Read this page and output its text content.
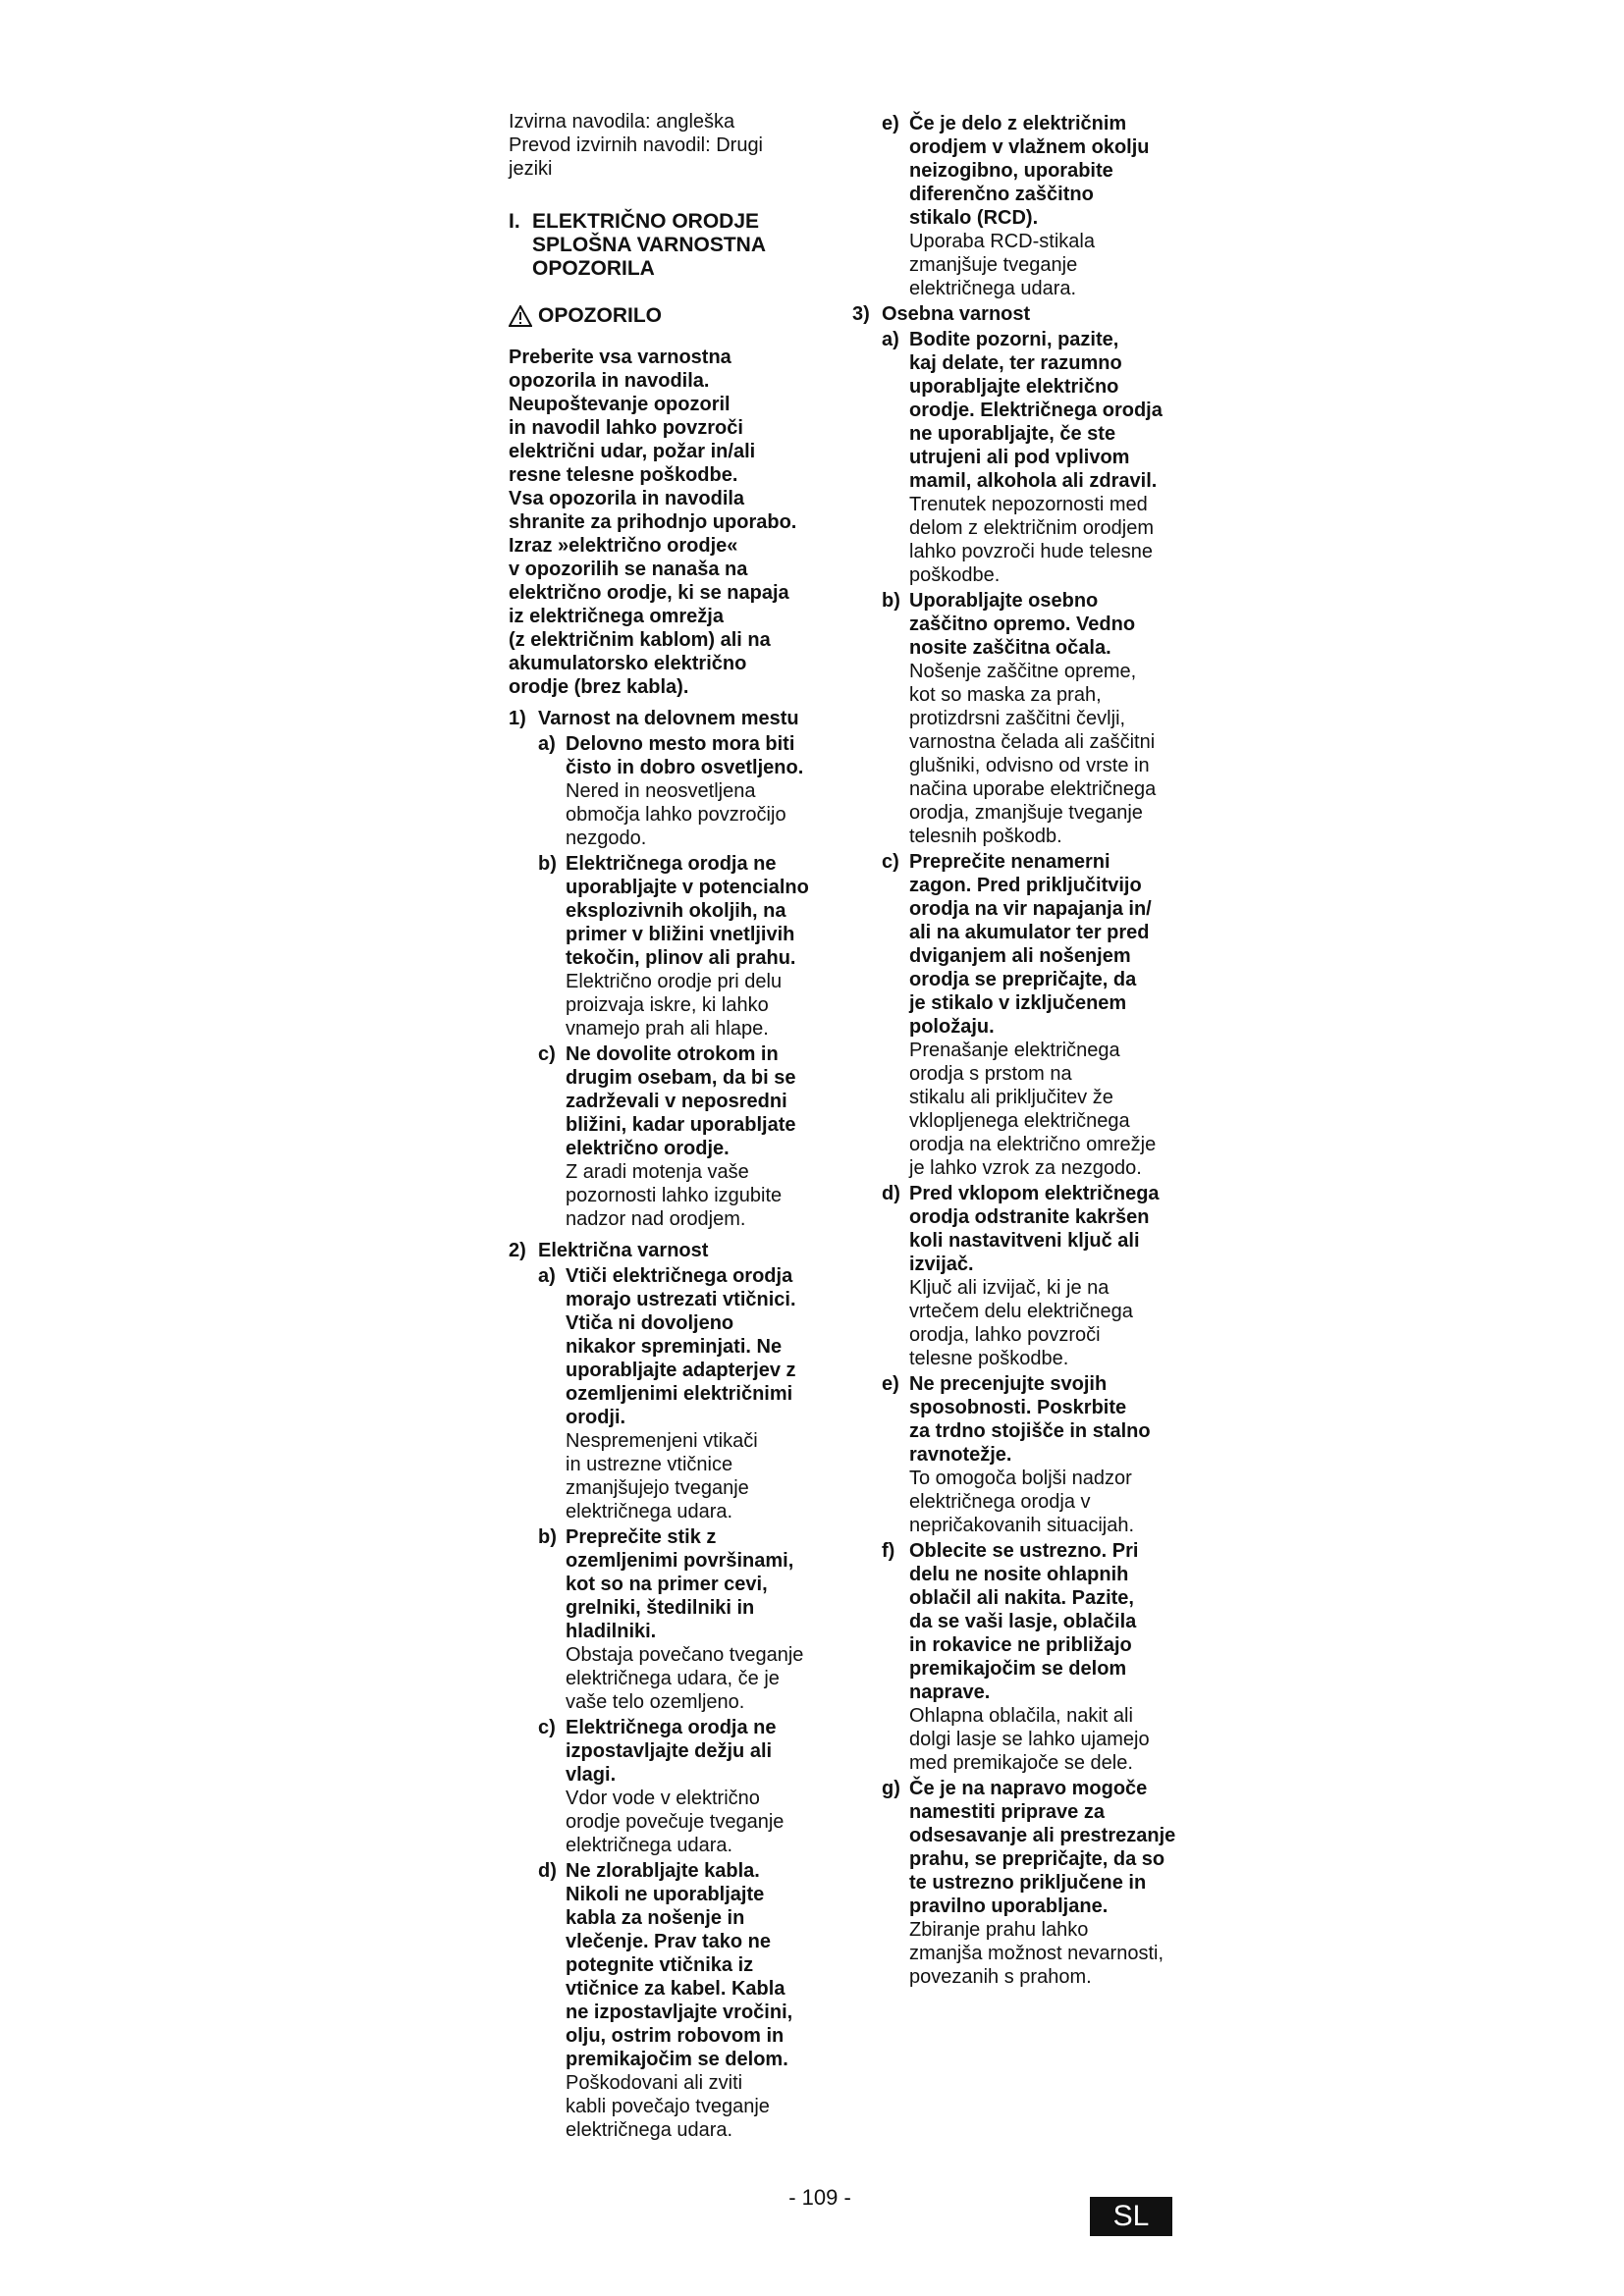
Izvirna navodila: angleška
Prevod izvirnih navodil: Drugi
jeziki

I. ELEKTRIČNO ORODJE
SPLOŠNA VARNOSTNA
OPOZORILA
OPOZORILO

Preberite vsa varnostna
opozorila in navodila.
Neupoštevanje opozoril
in navodil lahko povzroči
električni udar, požar in/ali
resne telesne poškodbe.
Vsa opozorila in navodila
shranite za prihodnjo uporabo.
Izraz »električno orodje«
v opozorilih se nanaša na
električno orodje, ki se napaja
iz električnega omrežja
(z električnim kablom) ali na
akumulatorsko električno
orodje (brez kabla).

1) Varnost na delovnem mestu
a) Delovno mesto mora biti
čisto in dobro osvetljeno.

Nered in neosvetljena
območja lahko povzročijo
nezgodo.

b) Električnega orodja ne
uporabljajte v potencialno
eksplozivnih okoljih, na
primer v bližini vnetljivih
tekočin, plinov ali prahu.

Električno orodje pri delu
proizvaja iskre, ki lahko
vnamejo prah ali hlape.

c) Ne dovolite otrokom in
drugim osebam, da bi se
zadrževali v neposredni
bližini, kadar uporabljate
električno orodje.

Z aradi motenja vaše
pozornosti lahko izgubite
nadzor nad orodjem.

2) Električna varnost
a) Vtiči električnega orodja
morajo ustrezati vtičnici.
Vtiča ni dovoljeno
nikakor spreminjati. Ne
uporabljajte adapterjev z
ozemljenimi električnimi
orodji.

Nespremenjeni vtikači
in ustrezne vtičnice
zmanjšujejo tveganje
električnega udara.

b) Preprečite stik z
ozemljenimi površinami,
kot so na primer cevi,
grelniki, štedilniki in
hladilniki.

Obstaja povečano tveganje
električnega udara, če je
vaše telo ozemljeno.

c) Električnega orodja ne
izpostavljajte dežju ali
vlagi.

Vdor vode v električno
orodje povečuje tveganje
električnega udara.

d) Ne zlorabljajte kabla.
Nikoli ne uporabljajte
kabla za nošenje in
vlečenje. Prav tako ne
potegnite vtičnika iz
vtičnice za kabel. Kabla
ne izpostavljajte vročini,
olju, ostrim robovom in
premikajočim se delom.

Poškodovani ali zviti
kabli povečajo tveganje
električnega udara.

e) Če je delo z električnim
orodjem v vlažnem okolju
neizogibno, uporabite
diferenčno zaščitno
stikalo (RCD).

Uporaba RCD-stikala
zmanjšuje tveganje
električnega udara.

3) Osebna varnost
a) Bodite pozorni, pazite,
kaj delate, ter razumno
uporabljajte električno
orodje. Električnega orodja
ne uporabljajte, če ste
utrujeni ali pod vplivom
mamil, alkohola ali zdravil.

Trenutek nepozornosti med
delom z električnim orodjem
lahko povzroči hude telesne
poškodbe.

b) Uporabljajte osebno
zaščitno opremo. Vedno
nosite zaščitna očala.

Nošenje zaščitne opreme,
kot so maska za prah,
protizdrsni zaščitni čevlji,
varnostna čelada ali zaščitni
glušniki, odvisno od vrste in
načina uporabe električnega
orodja, zmanjšuje tveganje
telesnih poškodb.

c) Preprečite nenamerni
zagon. Pred priključitvijo
orodja na vir napajanja in/
ali na akumulator ter pred
dviganjem ali nošenjem
orodja se prepričajte, da
je stikalo v izključenem
položaju.

Prenašanje električnega
orodja s prstom na
stikalu ali priključitev že
vklopljenega električnega
orodja na električno omrežje
je lahko vzrok za nezgodo.

d) Pred vklopom električnega
orodja odstranite kakršen
koli nastavitveni ključ ali
izvijač.

Ključ ali izvijač, ki je na
vrtečem delu električnega
orodja, lahko povzroči
telesne poškodbe.

e) Ne precenjujte svojih
sposobnosti. Poskrbite
za trdno stojišče in stalno
ravnotežje.

To omogoča boljši nadzor
električnega orodja v
nepričakovanih situacijah.

f) Oblecite se ustrezno. Pri
delu ne nosite ohlapnih
oblačil ali nakita. Pazite,
da se vaši lasje, oblačila
in rokavice ne približajo
premikajočim se delom
naprave.

Ohlapna oblačila, nakit ali
dolgi lasje se lahko ujamejo
med premikajoče se dele.

g) Če je na napravo mogoče
namestiti priprave za
odsesavanje ali prestrezanje
prahu, se prepričajte, da so
te ustrezno priključene in
pravilno uporabljane.

Zbiranje prahu lahko
zmanjša možnost nevarnosti,
povezanih s prahom.

- 109 -
SL
